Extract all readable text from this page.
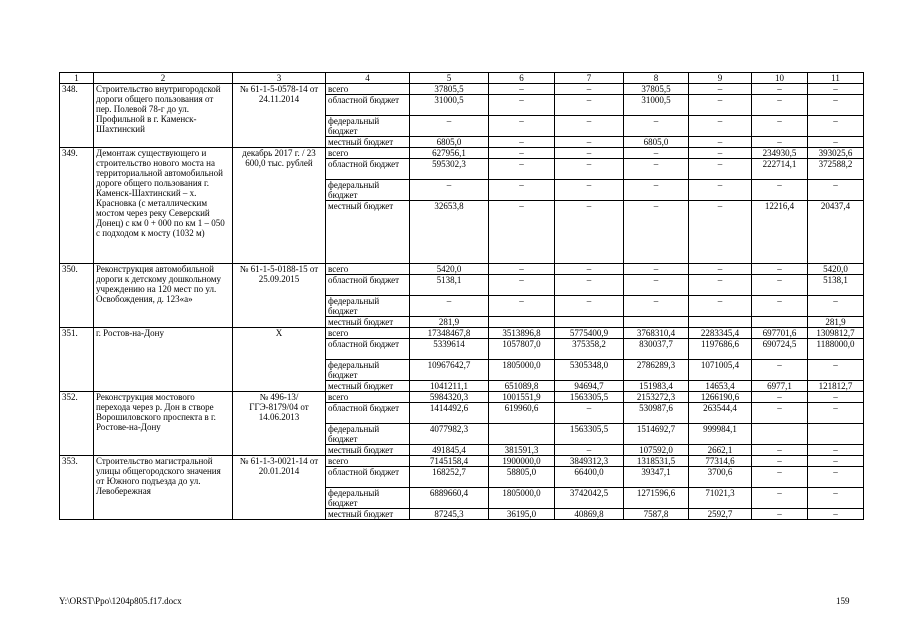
1	2	3	4	5	6	7	8	9	10	11
348.	Строительство внутригородской дороги общего пользования от пер. Полевой 78-г до ул. Профильной в г. Каменск-Шахтинский	№ 61-1-5-0578-14 от 24.11.2014	всего	37805,5	–	–	37805,5	–	–	–
			областной бюджет	31000,5	–	–	31000,5	–	–	–
			федеральный бюджет	–	–	–	–	–	–	–
			местный бюджет	6805,0	–	–	6805,0	–	–	–
349.	Демонтаж существующего и строительство нового моста на территориальной автомобильной дороге общего пользования г. Каменск-Шахтинский – х. Красновка (с металлическим мостом через реку Северский Донец) с км 0 + 000 по км 1 – 050 с подходом к мосту (1032 м)	декабрь 2017 г. / 23 600,0 тыс. рублей	всего	627956,1	–	–	–	–	234930,5	393025,6
			областной бюджет	595302,3	–	–	–	–	222714,1	372588,2
			федеральный бюджет	–	–	–	–	–	–	–
			местный бюджет	32653,8	–	–	–	–	12216,4	20437,4
350.	Реконструкция автомобильной дороги к детскому дошкольному учреждению на 120 мест по ул. Освобождения, д. 123«а»	№ 61-1-5-0188-15 от 25.09.2015	всего	5420,0	–	–	–	–	–	5420,0
			областной бюджет	5138,1	–	–	–	–	–	5138,1
			федеральный бюджет	–	–	–	–	–	–	–
			местный бюджет	281,9						281,9
351.	г. Ростов-на-Дону	Х	всего	17348467,8	3513896,8	5775400,9	3768310,4	2283345,4	697701,6	1309812,7
			областной бюджет	5339614	1057807,0	375358,2	830037,7	1197686,6	690724,5	1188000,0
			федеральный бюджет	10967642,7	1805000,0	5305348,0	2786289,3	1071005,4	–	–
			местный бюджет	1041211,1	651089,8	94694,7	151983,4	14653,4	6977,1	121812,7
352.	Реконструкция мостового перехода через р. Дон в створе Ворошиловского проспекта в г. Ростове-на-Дону	№ 496-13/ ГГЭ-8179/04 от 14.06.2013	всего	5984320,3	1001551,9	1563305,5	2153272,3	1266190,6	–	–
			областной бюджет	1414492,6	619960,6	–	530987,6	263544,4	–	–
			федеральный бюджет	4077982,3		1563305,5	1514692,7	999984,1		
			местный бюджет	491845,4	381591,3	–	107592,0	2662,1	–	–
353.	Строительство магистральной улицы общегородского значения от Южного подъезда до ул. Левобережная	№ 61-1-3-0021-14 от 20.01.2014	всего	7145158,4	1900000,0	3849312,3	1318531,5	77314,6	–	–
			областной бюджет	168252,7	58805,0	66400,0	39347,1	3700,6	–	–
			федеральный бюджет	6889660,4	1805000,0	3742042,5	1271596,6	71021,3	–	–
			местный бюджет	87245,3	36195,0	40869,8	7587,8	2592,7	–	–
Y:\ORST\Ppo\1204p805.f17.docx	159
